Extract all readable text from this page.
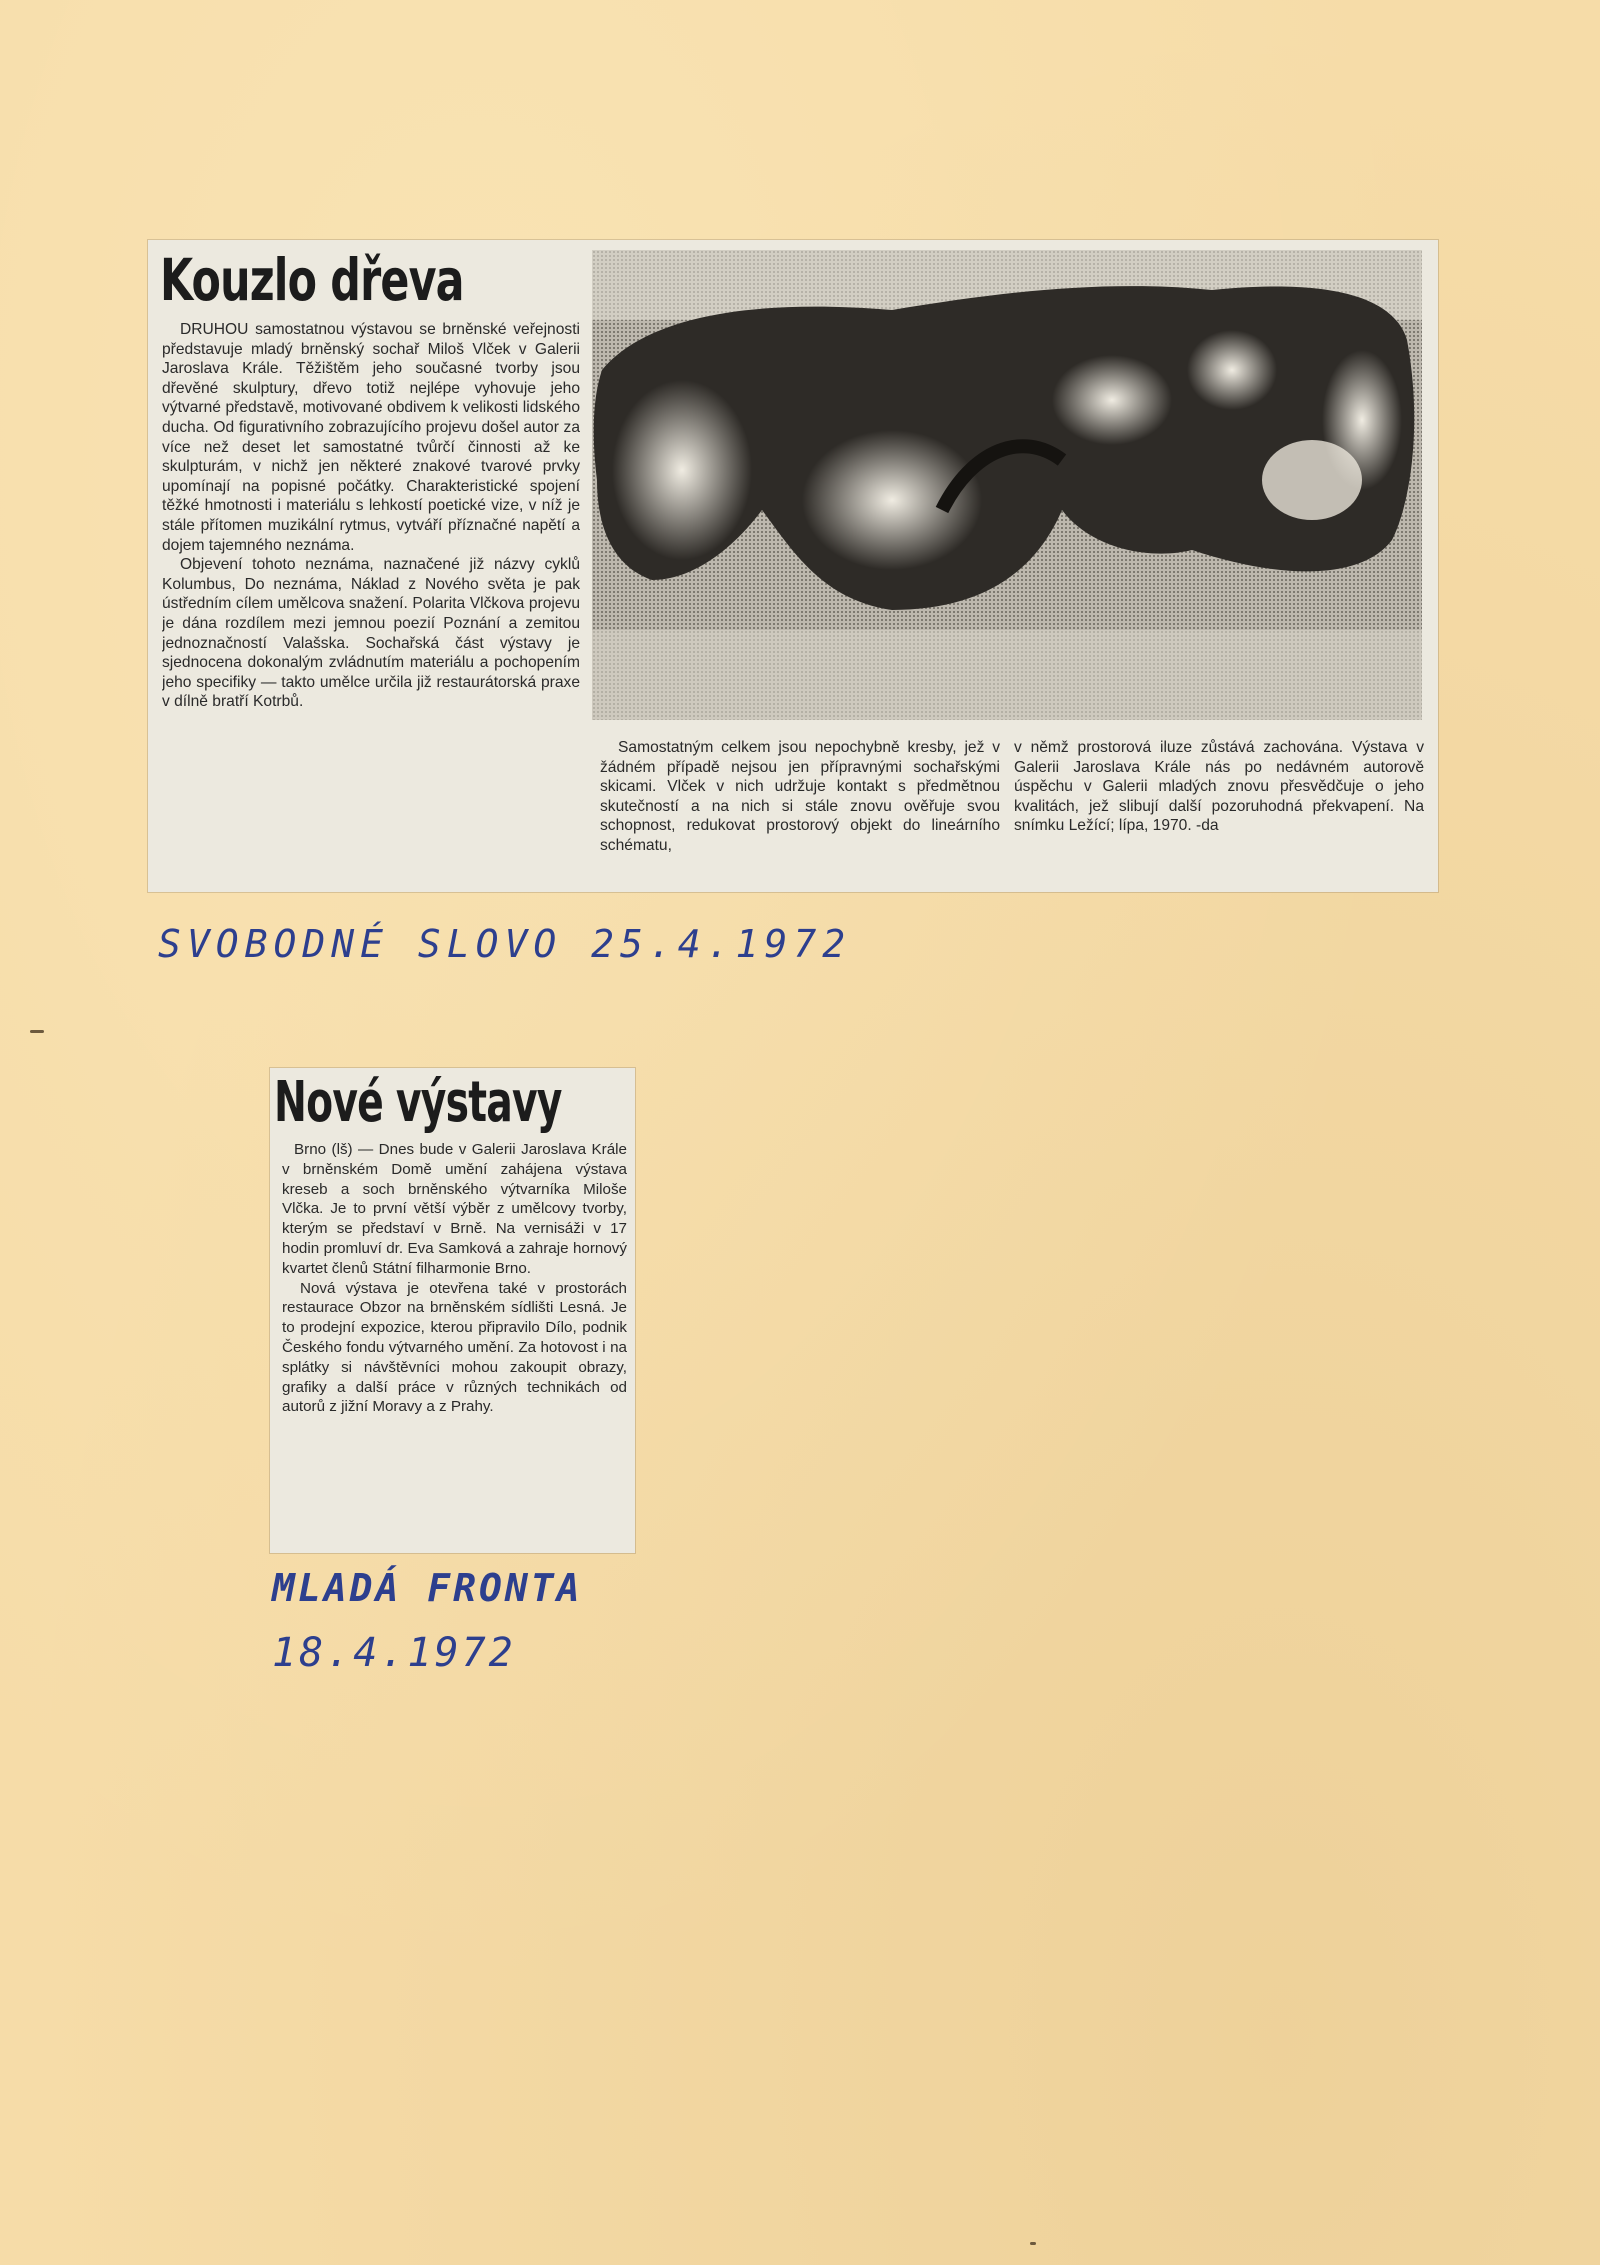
Kouzlo dřeva

DRUHOU samostatnou výstavou se brněnské veřejnosti představuje mladý brněnský sochař Miloš Vlček v Galerii Jaroslava Krále. Těžištěm jeho současné tvorby jsou dřevěné skulptury, dřevo totiž nejlépe vyhovuje jeho výtvarné představě, motivované obdivem k velikosti lidského ducha. Od figurativního zobrazujícího projevu došel autor za více než deset let samostatné tvůrčí činnosti až ke skulpturám, v nichž jen některé znakové tvarové prvky upomínají na popisné počátky. Charakteristické spojení těžké hmotnosti i materiálu s lehkostí poetické vize, v níž je stále přítomen muzikální rytmus, vytváří příznačné napětí a dojem tajemného neznáma.

Objevení tohoto neznáma, naznačené již názvy cyklů Kolumbus, Do neznáma, Náklad z Nového světa je pak ústředním cílem umělcova snažení. Polarita Vlčkova projevu je dána rozdílem mezi jemnou poezií Poznání a zemitou jednoznačností Valašska. Sochařská část výstavy je sjednocena dokonalým zvládnutím materiálu a pochopením jeho specifiky — takto umělce určila již restaurátorská praxe v dílně bratří Kotrbů.

Samostatným celkem jsou nepochybně kresby, jež v žádném případě nejsou jen přípravnými sochařskými skicami. Vlček v nich udržuje kontakt s předmětnou skutečností a na nich si stále znovu ověřuje svou schopnost, redukovat prostorový objekt do lineárního schématu,

v němž prostorová iluze zůstává zachována. Výstava v Galerii Jaroslava Krále nás po nedávném autorově úspěchu v Galerii mladých znovu přesvědčuje o jeho kvalitách, jež slibují další pozoruhodná překvapení. Na snímku Ležící; lípa, 1970. -da

SVOBODNÉ SLOVO 25.4.1972
Nové výstavy

Brno (lš) — Dnes bude v Galerii Jaroslava Krále v brněnském Domě umění zahájena výstava kreseb a soch brněnského výtvarníka Miloše Vlčka. Je to první větší výběr z umělcovy tvorby, kterým se představí v Brně. Na vernisáži v 17 hodin promluví dr. Eva Samková a zahraje hornový kvartet členů Státní filharmonie Brno.

Nová výstava je otevřena také v prostorách restaurace Obzor na brněnském sídlišti Lesná. Je to prodejní expozice, kterou připravilo Dílo, podnik Českého fondu výtvarného umění. Za hotovost i na splátky si návštěvníci mohou zakoupit obrazy, grafiky a další práce v různých technikách od autorů z jižní Moravy a z Prahy.

MLADÁ FRONTA
18.4.1972
